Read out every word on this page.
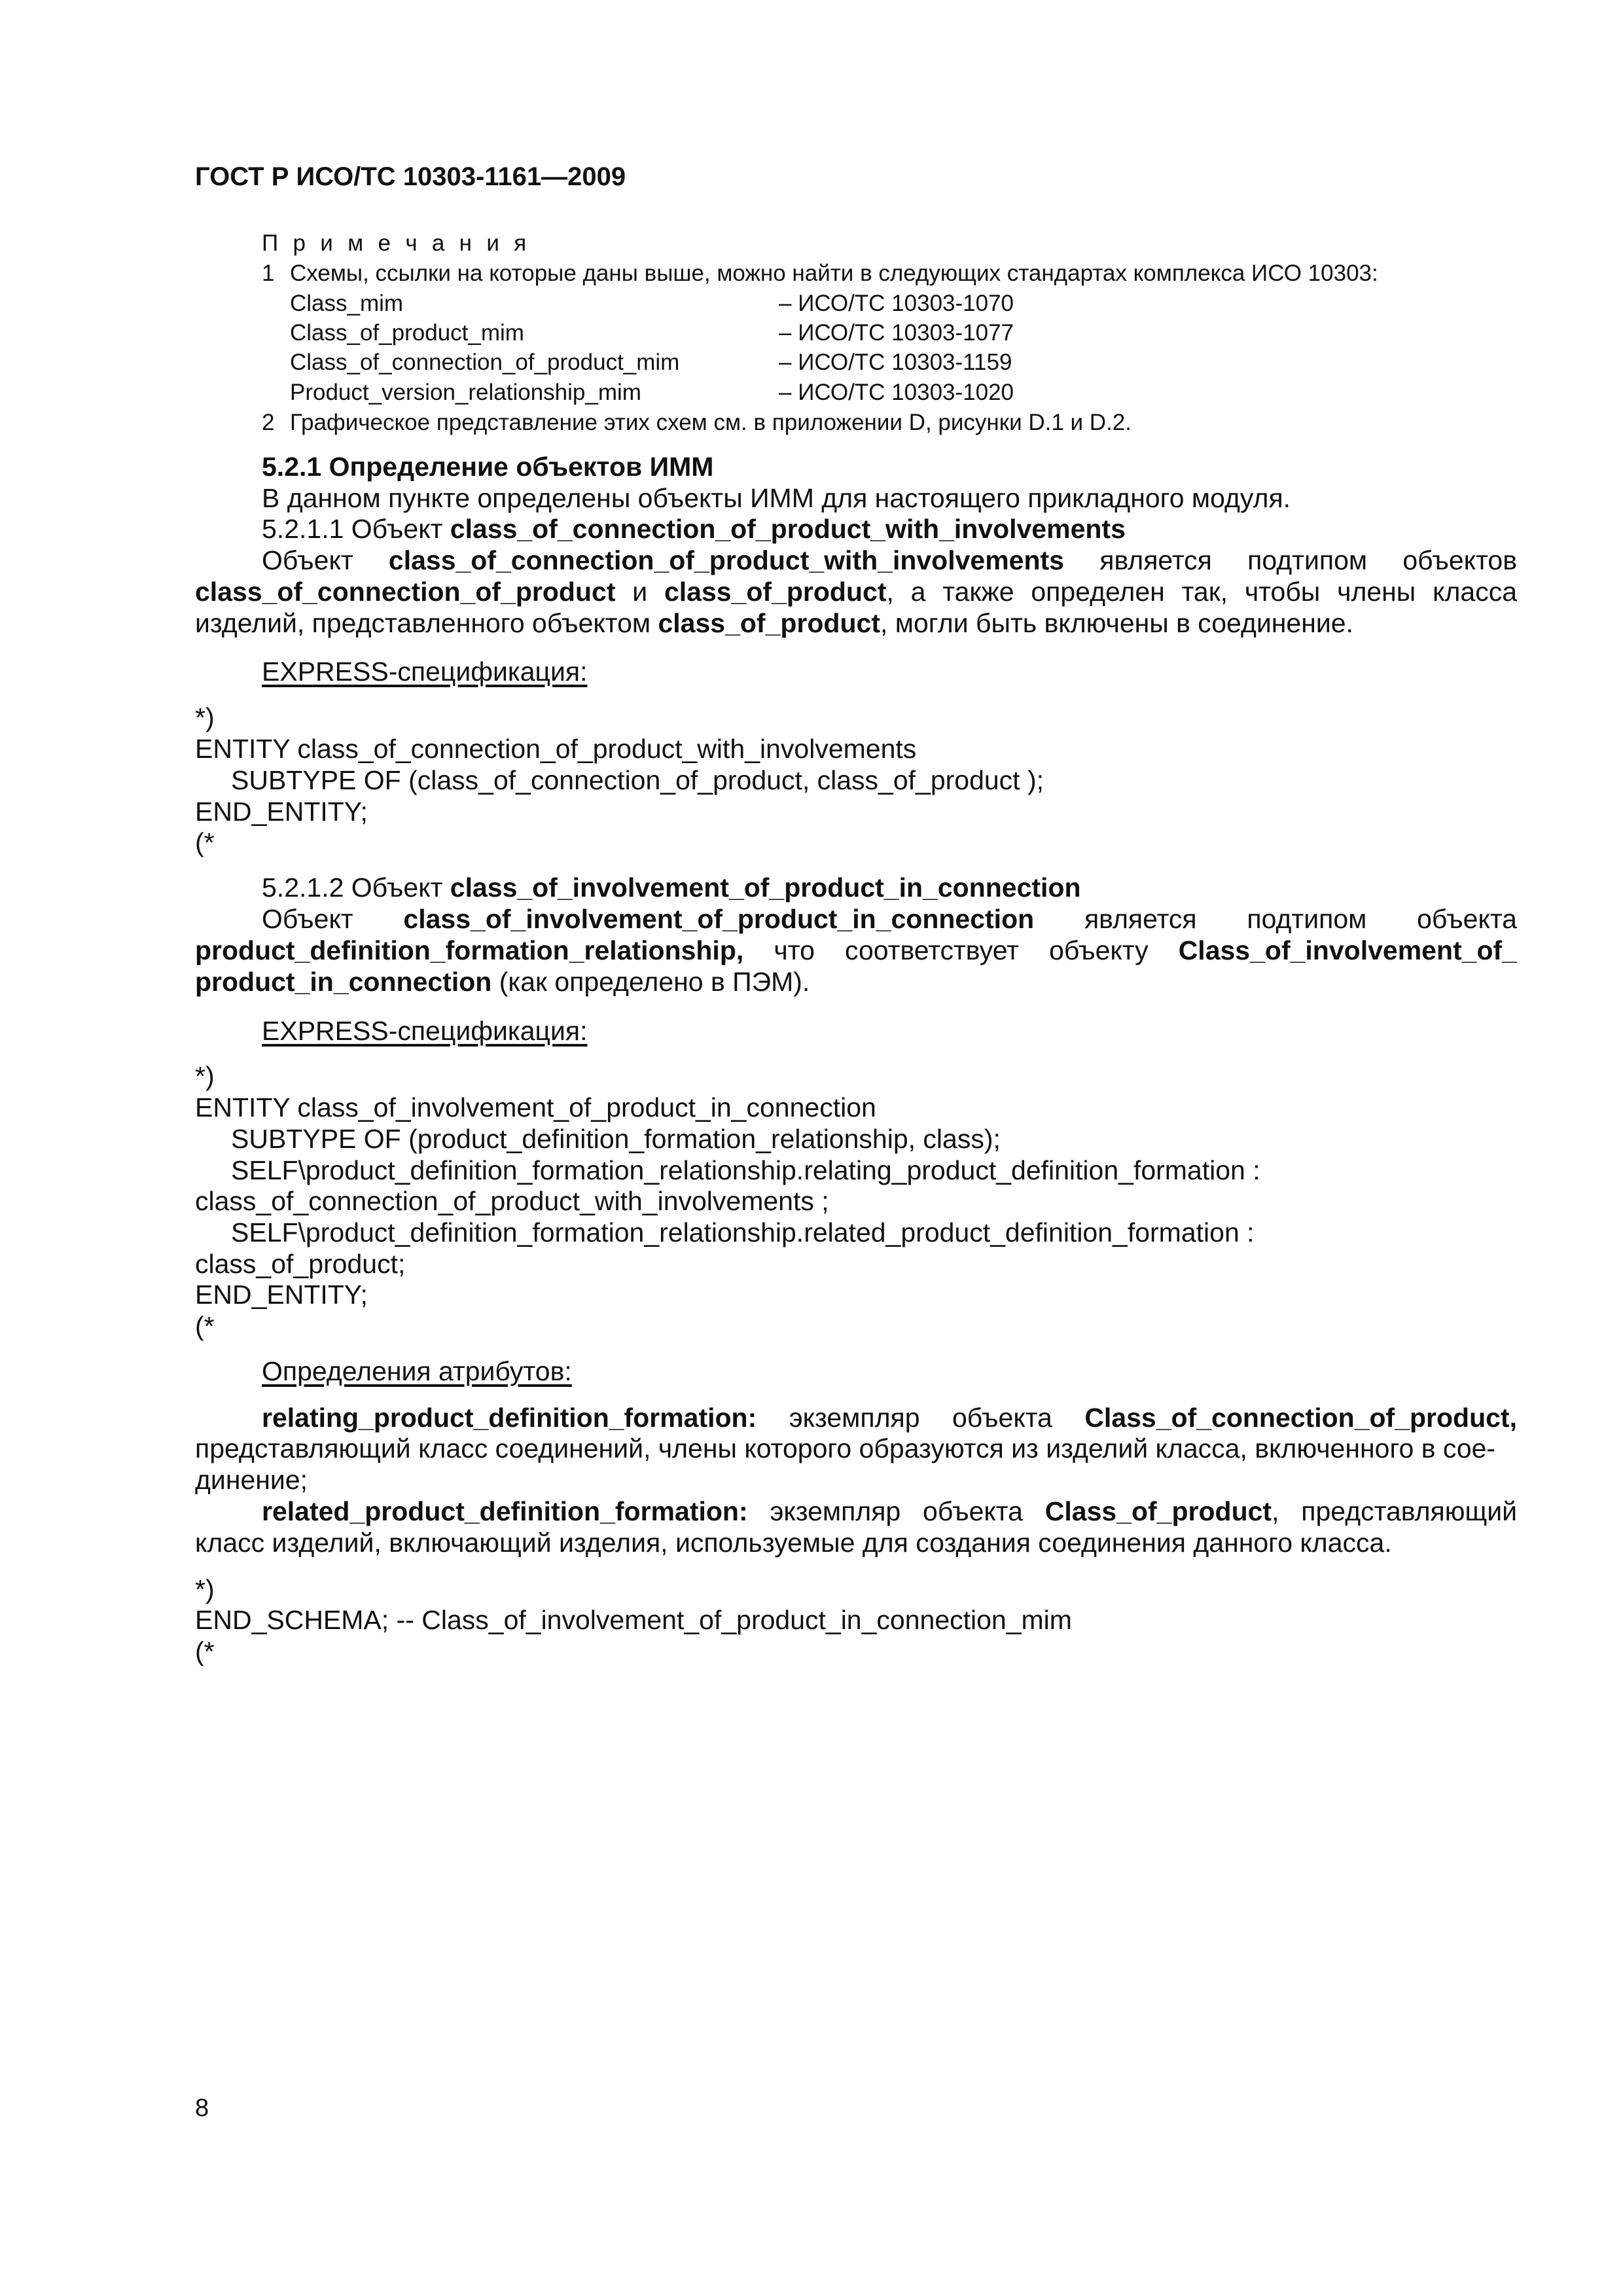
ГОСТ Р ИСО/ТС 10303-1161—2009
П р и м е ч а н и я
1 Схемы, ссылки на которые даны выше, можно найти в следующих стандартах комплекса ИСО 10303:
Class_mim	– ИСО/ТС 10303-1070
Class_of_product_mim	– ИСО/ТС 10303-1077
Class_of_connection_of_product_mim	– ИСО/ТС 10303-1159
Product_version_relationship_mim	– ИСО/ТС 10303-1020
2 Графическое представление этих схем см. в приложении D, рисунки D.1 и D.2.
5.2.1 Определение объектов ИММ
В данном пункте определены объекты ИММ для настоящего прикладного модуля.
5.2.1.1 Объект class_of_connection_of_product_with_involvements
Объект class_of_connection_of_product_with_involvements является подтипом объектов
class_of_connection_of_product и class_of_product, а также определен так, чтобы члены класса
изделий, представленного объектом class_of_product, могли быть включены в соединение.
EXPRESS-спецификация:
*)
ENTITY class_of_connection_of_product_with_involvements
SUBTYPE OF (class_of_connection_of_product, class_of_product );
END_ENTITY;
(*
5.2.1.2 Объект class_of_involvement_of_product_in_connection
Объект class_of_involvement_of_product_in_connection является подтипом объекта
product_definition_formation_relationship, что соответствует объекту Class_of_involvement_of_
product_in_connection (как определено в ПЭМ).
EXPRESS-спецификация:
*)
ENTITY class_of_involvement_of_product_in_connection
SUBTYPE OF (product_definition_formation_relationship, class);
SELF\product_definition_formation_relationship.relating_product_definition_formation :
class_of_connection_of_product_with_involvements ;
SELF\product_definition_formation_relationship.related_product_definition_formation :
class_of_product;
END_ENTITY;
(*
Определения атрибутов:
relating_product_definition_formation: экземпляр объекта Class_of_connection_of_product,
представляющий класс соединений, члены которого образуются из изделий класса, включенного в сое-
динение;
related_product_definition_formation: экземпляр объекта Class_of_product, представляющий
класс изделий, включающий изделия, используемые для создания соединения данного класса.
*)
END_SCHEMA; -- Class_of_involvement_of_product_in_connection_mim
(*
8
